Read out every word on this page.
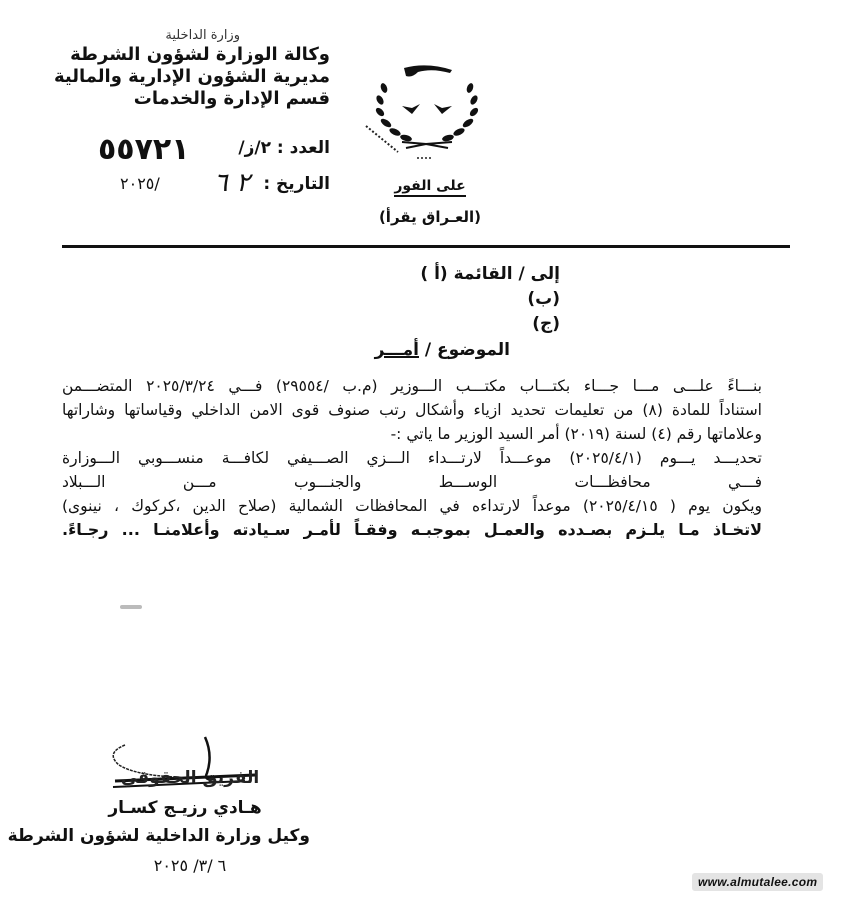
وزارة الداخلية
وكالة الوزارة لشؤون الشرطة
مديرية الشؤون الإدارية والمالية
قسم الإدارة والخدمات
العدد : ٢/ز/
٥٥٧٢١
التاريخ :
٢ ٦
/٢٠٢٥	على الفور
(العـراق يقرأ)
إلى / القائمة (أ )
(ب)
(ج)
الموضوع / أمـــر
بنـــاءً علـــى مـــا جـــاء بكتـــاب مكتـــب الـــوزير (م.ب /٢٩٥٥٤) فـــي ٢٠٢٥/٣/٢٤ المتضـــمن
استناداً للمادة (٨) من تعليمات تحديد ازياء وأشكال رتب صنوف قوى الامن الداخلي وقياساتها وشاراتها
وعلاماتها رقم (٤) لسنة (٢٠١٩) أمر السيد الوزير ما ياتي :-
تحديـــد يـــوم (٢٠٢٥/٤/١) موعـــداً لارتـــداء الـــزي الصـــيفي لكافـــة منســـوبي الـــوزارة
فـــي محافظـــات الوســـط والجنـــوب مـــن الـــبلاد
ويكون يوم ( ٢٠٢٥/٤/١٥) موعداً لارتداءه في المحافظات الشمالية (صلاح الدين ،كركوك ، نينوى)
لاتخـاذ مـا يلـزم بصـدده والعمـل بموجبـه وفقـاً لأمـر سـيادته وأعلامنـا ... رجـاءً.
الفريق الحقوقي
هـادي رزيـج كسـار
وكيل وزارة الداخلية لشؤون الشرطة
٦ /٣/ ٢٠٢٥
www.almutalee.com
